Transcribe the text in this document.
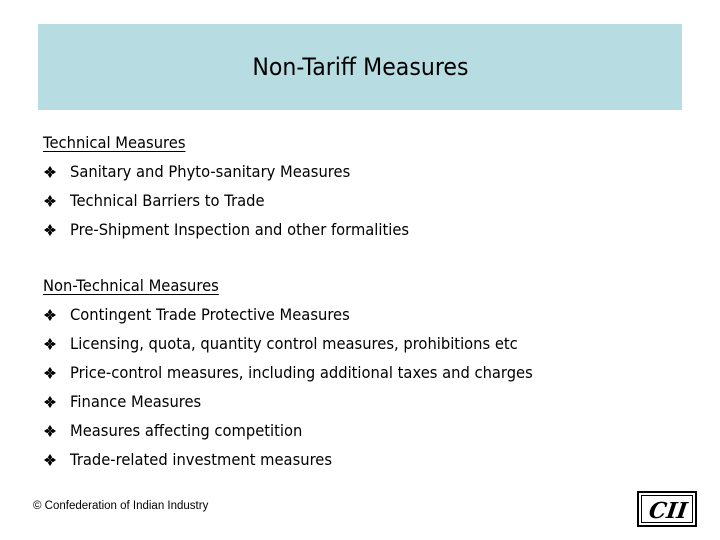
Non-Tariff Measures
Technical Measures
Sanitary and Phyto-sanitary Measures
Technical Barriers to Trade
Pre-Shipment Inspection and other formalities
Non-Technical Measures
Contingent Trade Protective Measures
Licensing, quota, quantity control measures, prohibitions etc
Price-control measures, including additional taxes and charges
Finance Measures
Measures affecting competition
Trade-related investment measures
© Confederation of Indian Industry	CII
